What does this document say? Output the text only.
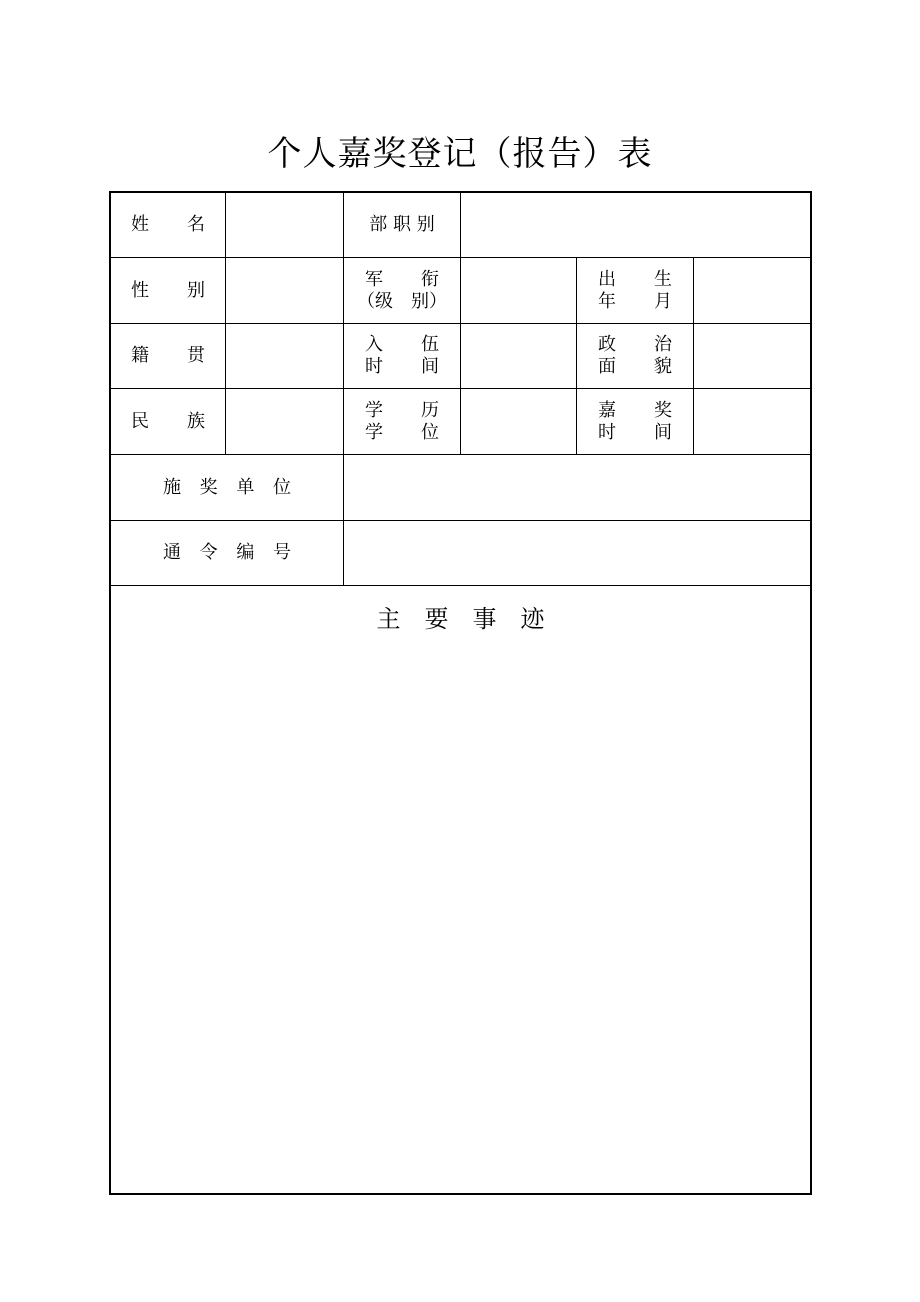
个人嘉奖登记（报告）表
姓 名	部 职 别
性 别
军 衔
（级　别）
出 生
年 月
籍 贯
入 伍
时 间
政 治
面 貌
民 族
学 历
学 位
嘉 奖
时 间
施 奖 单 位
通 令 编 号
主　要　事　迹
